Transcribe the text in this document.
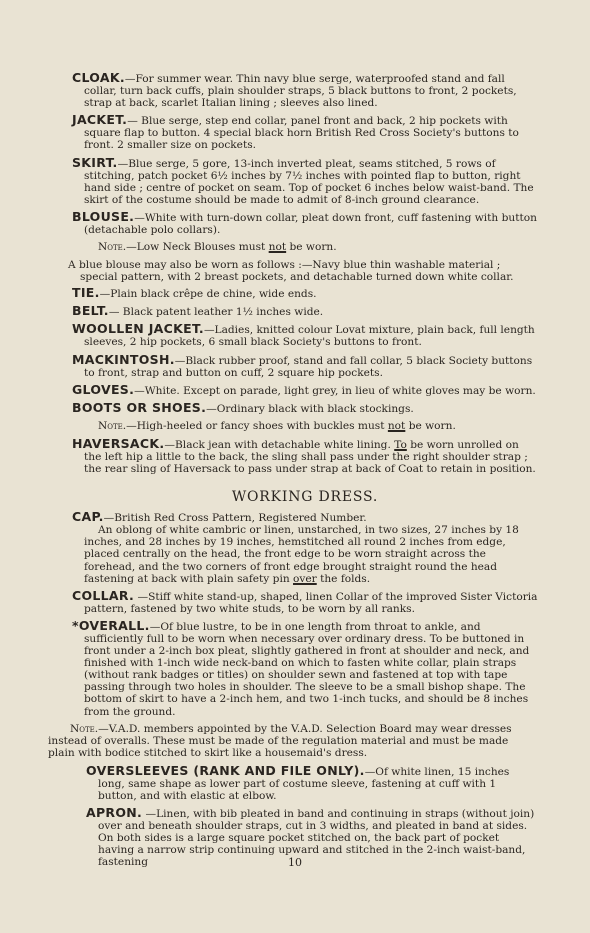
CLOAK.—For summer wear. Thin navy blue serge, waterproofed stand and fall collar, turn back cuffs, plain shoulder straps, 5 black buttons to front, 2 pockets, strap at back, scarlet Italian lining ; sleeves also lined.

JACKET.— Blue serge, step end collar, panel front and back, 2 hip pockets with square flap to button. 4 special black horn British Red Cross Society's buttons to front. 2 smaller size on pockets.

SKIRT.—Blue serge, 5 gore, 13-inch inverted pleat, seams stitched, 5 rows of stitching, patch pocket 6½ inches by 7½ inches with pointed flap to button, right hand side ; centre of pocket on seam. Top of pocket 6 inches below waist-band. The skirt of the costume should be made to admit of 8-inch ground clearance.

BLOUSE.—White with turn-down collar, pleat down front, cuff fastening with button (detachable polo collars).

Note.—Low Neck Blouses must not be worn.

A blue blouse may also be worn as follows :—Navy blue thin washable material ; special pattern, with 2 breast pockets, and detachable turned down white collar.

TIE.—Plain black crêpe de chine, wide ends.

BELT.— Black patent leather 1½ inches wide.

WOOLLEN JACKET.—Ladies, knitted colour Lovat mixture, plain back, full length sleeves, 2 hip pockets, 6 small black Society's buttons to front.

MACKINTOSH.—Black rubber proof, stand and fall collar, 5 black Society buttons to front, strap and button on cuff, 2 square hip pockets.

GLOVES.—White. Except on parade, light grey, in lieu of white gloves may be worn.

BOOTS OR SHOES.—Ordinary black with black stockings.

Note.—High-heeled or fancy shoes with buckles must not be worn.

HAVERSACK.—Black jean with detachable white lining. To be worn unrolled on the left hip a little to the back, the sling shall pass under the right shoulder strap ; the rear sling of Haversack to pass under strap at back of Coat to retain in position.

WORKING DRESS.

CAP.—British Red Cross Pattern, Registered Number.
An oblong of white cambric or linen, unstarched, in two sizes, 27 inches by 18 inches, and 28 inches by 19 inches, hemstitched all round 2 inches from edge, placed centrally on the head, the front edge to be worn straight across the forehead, and the two corners of front edge brought straight round the head fastening at back with plain safety pin over the folds.

COLLAR. —Stiff white stand-up, shaped, linen Collar of the improved Sister Victoria pattern, fastened by two white studs, to be worn by all ranks.

*OVERALL.—Of blue lustre, to be in one length from throat to ankle, and sufficiently full to be worn when necessary over ordinary dress. To be buttoned in front under a 2-inch box pleat, slightly gathered in front at shoulder and neck, and finished with 1-inch wide neck-band on which to fasten white collar, plain straps (without rank badges or titles) on shoulder sewn and fastened at top with tape passing through two holes in shoulder. The sleeve to be a small bishop shape. The bottom of skirt to have a 2-inch hem, and two 1-inch tucks, and should be 8 inches from the ground.

Note.—V.A.D. members appointed by the V.A.D. Selection Board may wear dresses instead of overalls. These must be made of the regulation material and must be made plain with bodice stitched to skirt like a housemaid's dress.

OVERSLEEVES (RANK AND FILE ONLY).—Of white linen, 15 inches long, same shape as lower part of costume sleeve, fastening at cuff with 1 button, and with elastic at elbow.

APRON. —Linen, with bib pleated in band and continuing in straps (without join) over and beneath shoulder straps, cut in 3 widths, and pleated in band at sides. On both sides is a large square pocket stitched on, the back part of pocket having a narrow strip continuing upward and stitched in the 2-inch waist-band, fastening	10
